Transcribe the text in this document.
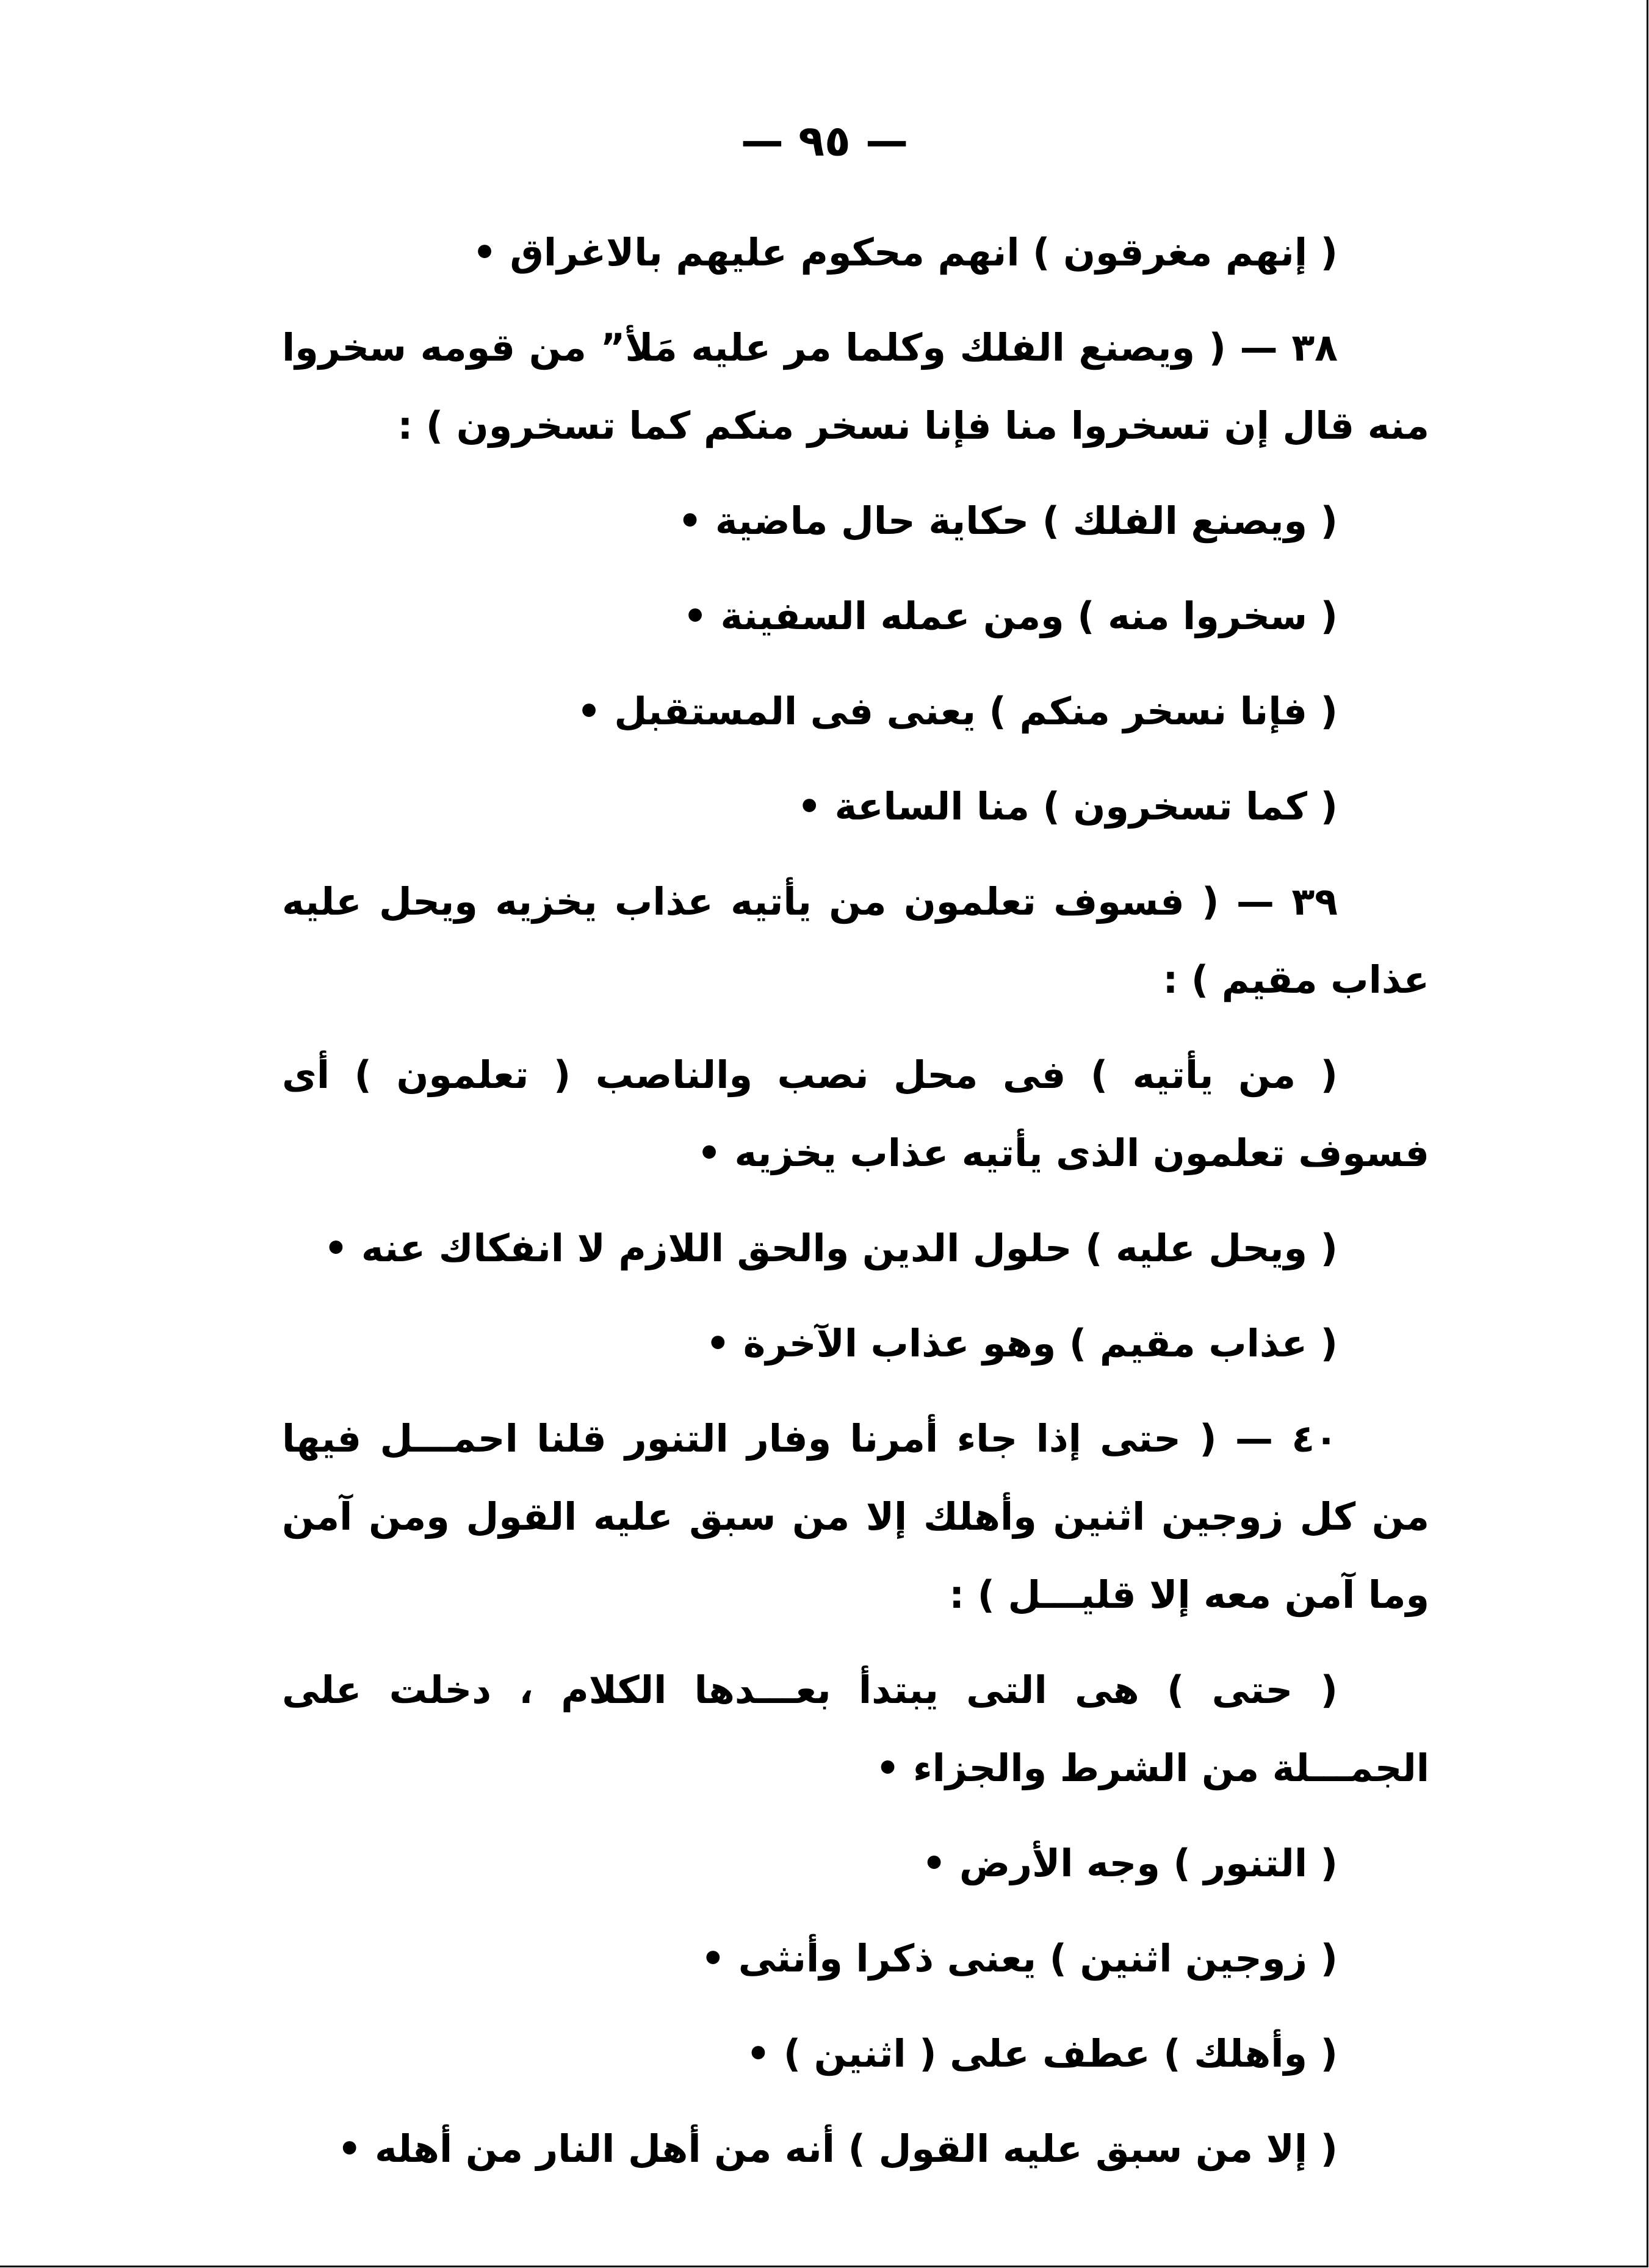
— ٩٥ —

( إنهم مغرقون ) انهم محكوم عليهم بالاغراق •

٣٨ — ( ويصنع الفلك وكلما مر عليه مَلأ” من قومه سخروا منه قال إن تسخروا منا فإنا نسخر منكم كما تسخرون ) :

( ويصنع الفلك ) حكاية حال ماضية •

( سخروا منه ) ومن عمله السفينة •

( فإنا نسخر منكم ) يعنى فى المستقبل •

( كما تسخرون ) منا الساعة •

٣٩ — ( فسوف تعلمون من يأتيه عذاب يخزيه ويحل عليه عذاب مقيم ) :

( من يأتيه ) فى محل نصب والناصب ( تعلمون ) أى فسوف تعلمون الذى يأتيه عذاب يخزيه •

( ويحل عليه ) حلول الدين والحق اللازم لا انفكاك عنه •

( عذاب مقيم ) وهو عذاب الآخرة •

٤٠ — ( حتى إذا جاء أمرنا وفار التنور قلنا احمـــل فيها من كل زوجين اثنين وأهلك إلا من سبق عليه القول ومن آمن وما آمن معه إلا قليـــل ) :

( حتى ) هى التى يبتدأ بعـــدها الكلام ، دخلت على الجمـــلة من الشرط والجزاء •

( التنور ) وجه الأرض •

( زوجين اثنين ) يعنى ذكرا وأنثى •

( وأهلك ) عطف على ( اثنين ) •

( إلا من سبق عليه القول ) أنه من أهل النار من أهله •
